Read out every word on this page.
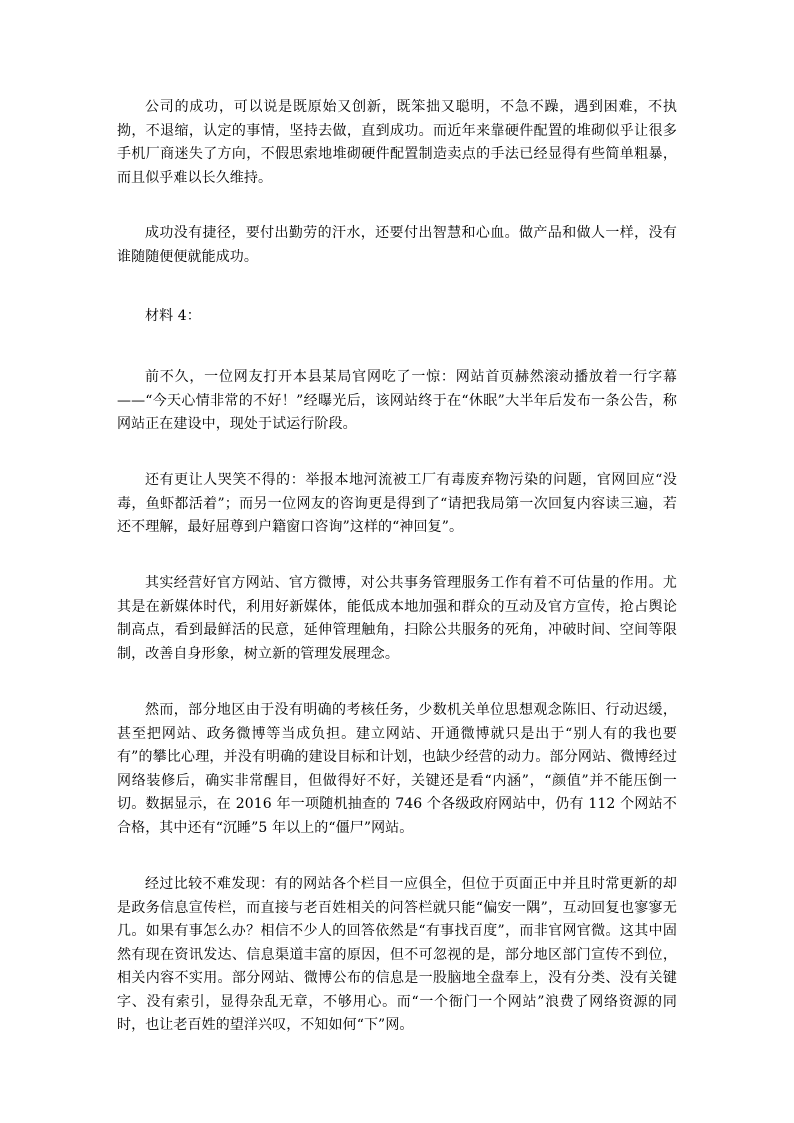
公司的成功，可以说是既原始又创新，既笨拙又聪明，不急不躁，遇到困难，不执拗，不退缩，认定的事情，坚持去做，直到成功。而近年来靠硬件配置的堆砌似乎让很多手机厂商迷失了方向，不假思索地堆砌硬件配置制造卖点的手法已经显得有些简单粗暴，而且似乎难以长久维持。

成功没有捷径，要付出勤劳的汗水，还要付出智慧和心血。做产品和做人一样，没有谁随随便便就能成功。

材料 4：

前不久，一位网友打开本县某局官网吃了一惊：网站首页赫然滚动播放着一行字幕——“今天心情非常的不好！”经曝光后，该网站终于在“休眠”大半年后发布一条公告，称网站正在建设中，现处于试运行阶段。

还有更让人哭笑不得的：举报本地河流被工厂有毒废弃物污染的问题，官网回应“没毒，鱼虾都活着”；而另一位网友的咨询更是得到了“请把我局第一次回复内容读三遍，若还不理解，最好屈尊到户籍窗口咨询”这样的“神回复”。

其实经营好官方网站、官方微博，对公共事务管理服务工作有着不可估量的作用。尤其是在新媒体时代，利用好新媒体，能低成本地加强和群众的互动及官方宣传，抢占舆论制高点，看到最鲜活的民意，延伸管理触角，扫除公共服务的死角，冲破时间、空间等限制，改善自身形象，树立新的管理发展理念。

然而，部分地区由于没有明确的考核任务，少数机关单位思想观念陈旧、行动迟缓，甚至把网站、政务微博等当成负担。建立网站、开通微博就只是出于“别人有的我也要有”的攀比心理，并没有明确的建设目标和计划，也缺少经营的动力。部分网站、微博经过网络装修后，确实非常醒目，但做得好不好，关键还是看“内涵”，“颜值”并不能压倒一切。数据显示，在 2016 年一项随机抽查的 746 个各级政府网站中，仍有 112 个网站不合格，其中还有“沉睡”5 年以上的“僵尸”网站。

经过比较不难发现：有的网站各个栏目一应俱全，但位于页面正中并且时常更新的却是政务信息宣传栏，而直接与老百姓相关的问答栏就只能“偏安一隅”，互动回复也寥寥无几。如果有事怎么办？相信不少人的回答依然是“有事找百度”，而非官网官微。这其中固然有现在资讯发达、信息渠道丰富的原因，但不可忽视的是，部分地区部门宣传不到位，相关内容不实用。部分网站、微博公布的信息是一股脑地全盘奉上，没有分类、没有关键字、没有索引，显得杂乱无章，不够用心。而“一个衙门一个网站”浪费了网络资源的同时，也让老百姓的望洋兴叹，不知如何“下”网。
